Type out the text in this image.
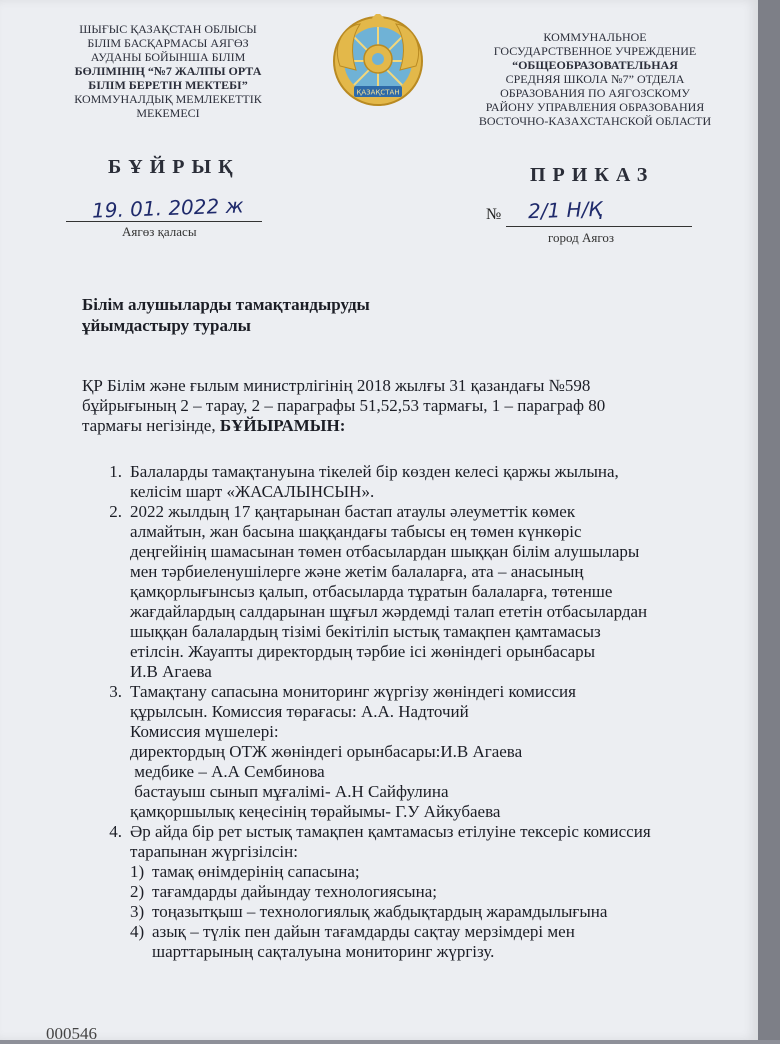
ШЫҒЫС ҚАЗАҚСТАН ОБЛЫСЫ
БІЛІМ БАСҚАРМАСЫ АЯГӨЗ
АУДАНЫ БОЙЫНША БІЛІМ
БӨЛІМІНІҢ “№7 ЖАЛПЫ ОРТА
БІЛІМ БЕРЕТІН МЕКТЕБІ”
КОММУНАЛДЫҚ МЕМЛЕКЕТТІК
МЕКЕМЕСІ
ҚАЗАҚСТАН
КОММУНАЛЬНОЕ
ГОСУДАРСТВЕННОЕ УЧРЕЖДЕНИЕ
“ОБЩЕОБРАЗОВАТЕЛЬНАЯ
СРЕДНЯЯ ШКОЛА №7” ОТДЕЛА
ОБРАЗОВАНИЯ ПО АЯГОЗСКОМУ
РАЙОНУ УПРАВЛЕНИЯ ОБРАЗОВАНИЯ
ВОСТОЧНО-КАЗАХСТАНСКОЙ ОБЛАСТИ
БҰЙРЫҚ	ПРИКАЗ
19. 01. 2022 ж
Аягөз қаласы
№ 2/1 Н/Қ
город Аягоз
Білім алушыларды тамақтандыруды
ұйымдастыру туралы
ҚР Білім және ғылым министрлігінің 2018 жылғы 31 қазандағы №598
бұйрығының 2 – тарау, 2 – параграфы 51,52,53 тармағы, 1 – параграф 80
тармағы негізінде, БҰЙЫРАМЫН:
1. Балаларды тамақтануына тікелей бір көзден келесі қаржы жылына,
келісім шарт «ЖАСАЛЫНСЫН».
2. 2022 жылдың 17 қаңтарынан бастап атаулы әлеуметтік көмек
алмайтын, жан басына шаққандағы табысы ең төмен күнкөріс
деңгейінің шамасынан төмен отбасылардан шыққан білім алушылары
мен тәрбиеленушілерге және жетім балаларға, ата – анасының
қамқорлығынсыз қалып, отбасыларда тұратын балаларға, төтенше
жағдайлардың салдарынан шұғыл жәрдемді талап ететін отбасылардан
шыққан балалардың тізімі бекітіліп ыстық тамақпен қамтамасыз
етілсін. Жауапты директордың тәрбие ісі жөніндегі орынбасары
И.В Агаева
3. Тамақтану сапасына мониторинг жүргізу жөніндегі комиссия
құрылсын. Комиссия төрағасы: А.А. Надточий
Комиссия мүшелері:
директордың ОТЖ жөніндегі орынбасары:И.В Агаева
медбике – А.А Сембинова
бастауыш сынып мұғалімі- А.Н Сайфулина
қамқоршылық кеңесінің төрайымы- Г.У Айкубаева
4. Әр айда бір рет ыстық тамақпен қамтамасыз етілуіне тексеріс комиссия
тарапынан жүргізілсін:
1) тамақ өнімдерінің сапасына;
2) тағамдарды дайындау технологиясына;
3) тоңазытқыш – технологиялық жабдықтардың жарамдылығына
4) азық – түлік пен дайын тағамдарды сақтау мерзімдері мен
шарттарының сақталуына мониторинг жүргізу.
000546
